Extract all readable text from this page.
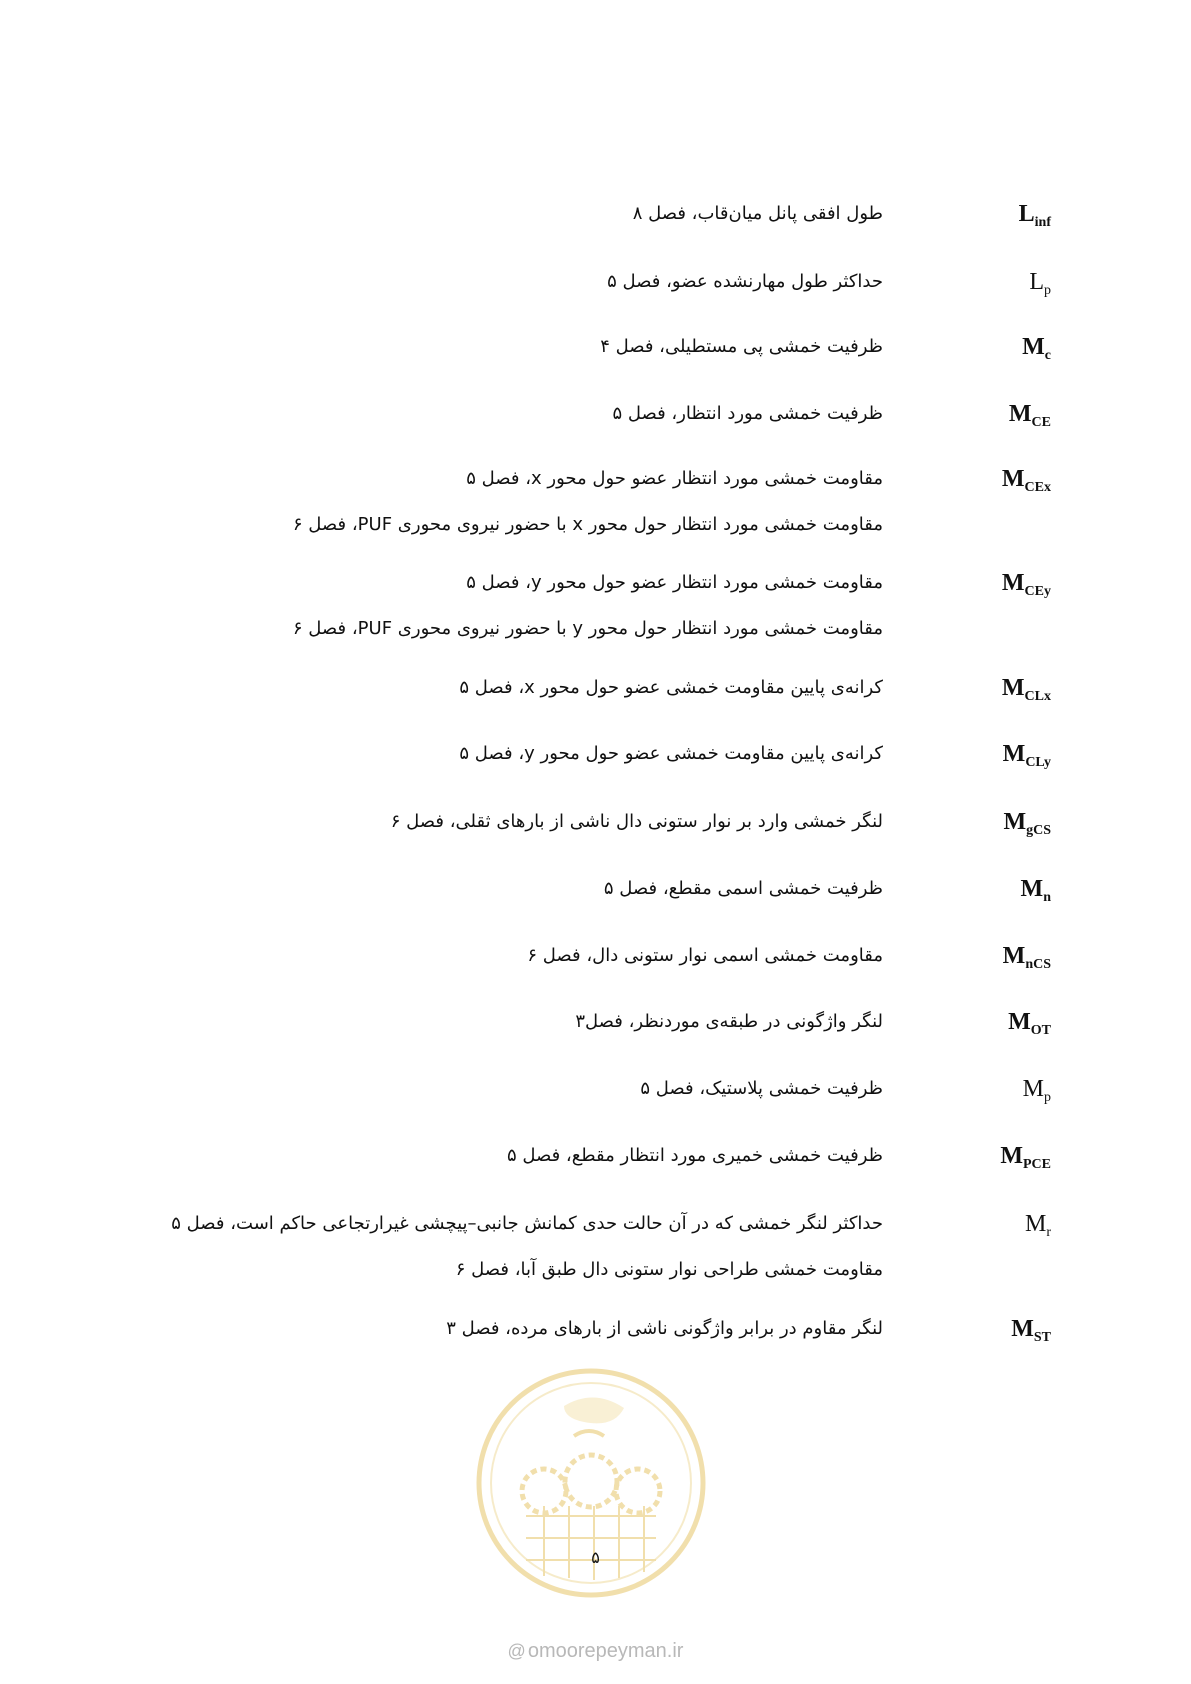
$L_{inf}$
طول افقی پانل میان‌قاب، فصل ۸
$L_p$
حداکثر طول مهارنشده عضو، فصل ۵
$M_c$
ظرفیت خمشی پی مستطیلی، فصل ۴
$M_{CE}$
ظرفیت خمشی مورد انتظار، فصل ۵
$M_{CEx}$
مقاومت خمشی مورد انتظار عضو حول محور x، فصل ۵
مقاومت خمشی مورد انتظار حول محور x با حضور نیروی محوری PUF، فصل ۶
$M_{CEy}$
مقاومت خمشی مورد انتظار عضو حول محور y، فصل ۵
مقاومت خمشی مورد انتظار حول محور y با حضور نیروی محوری PUF، فصل ۶
$M_{CLx}$
کرانه‌ی پایین مقاومت خمشی عضو حول محور x، فصل ۵
$M_{CLy}$
کرانه‌ی پایین مقاومت خمشی عضو حول محور y، فصل ۵
$M_{gCS}$
لنگر خمشی وارد بر نوار ستونی دال ناشی از بارهای ثقلی، فصل ۶
$M_n$
ظرفیت خمشی اسمی مقطع، فصل ۵
$M_{nCS}$
مقاومت خمشی اسمی نوار ستونی دال، فصل ۶
$M_{OT}$
لنگر واژگونی در طبقه‌ی موردنظر، فصل۳
$M_p$
ظرفیت خمشی پلاستیک، فصل ۵
$M_{PCE}$
ظرفیت خمشی خمیری مورد انتظار مقطع، فصل ۵
$M_r$
حداکثر لنگر خمشی که در آن حالت حدی کمانش جانبی–پیچشی غیرارتجاعی حاکم است، فصل ۵
مقاومت خمشی طراحی نوار ستونی دال طبق آبا، فصل ۶
$M_{ST}$
لنگر مقاوم در برابر واژگونی ناشی از بارهای مرده، فصل ۳
۵
@ omoorepeyman.ir
